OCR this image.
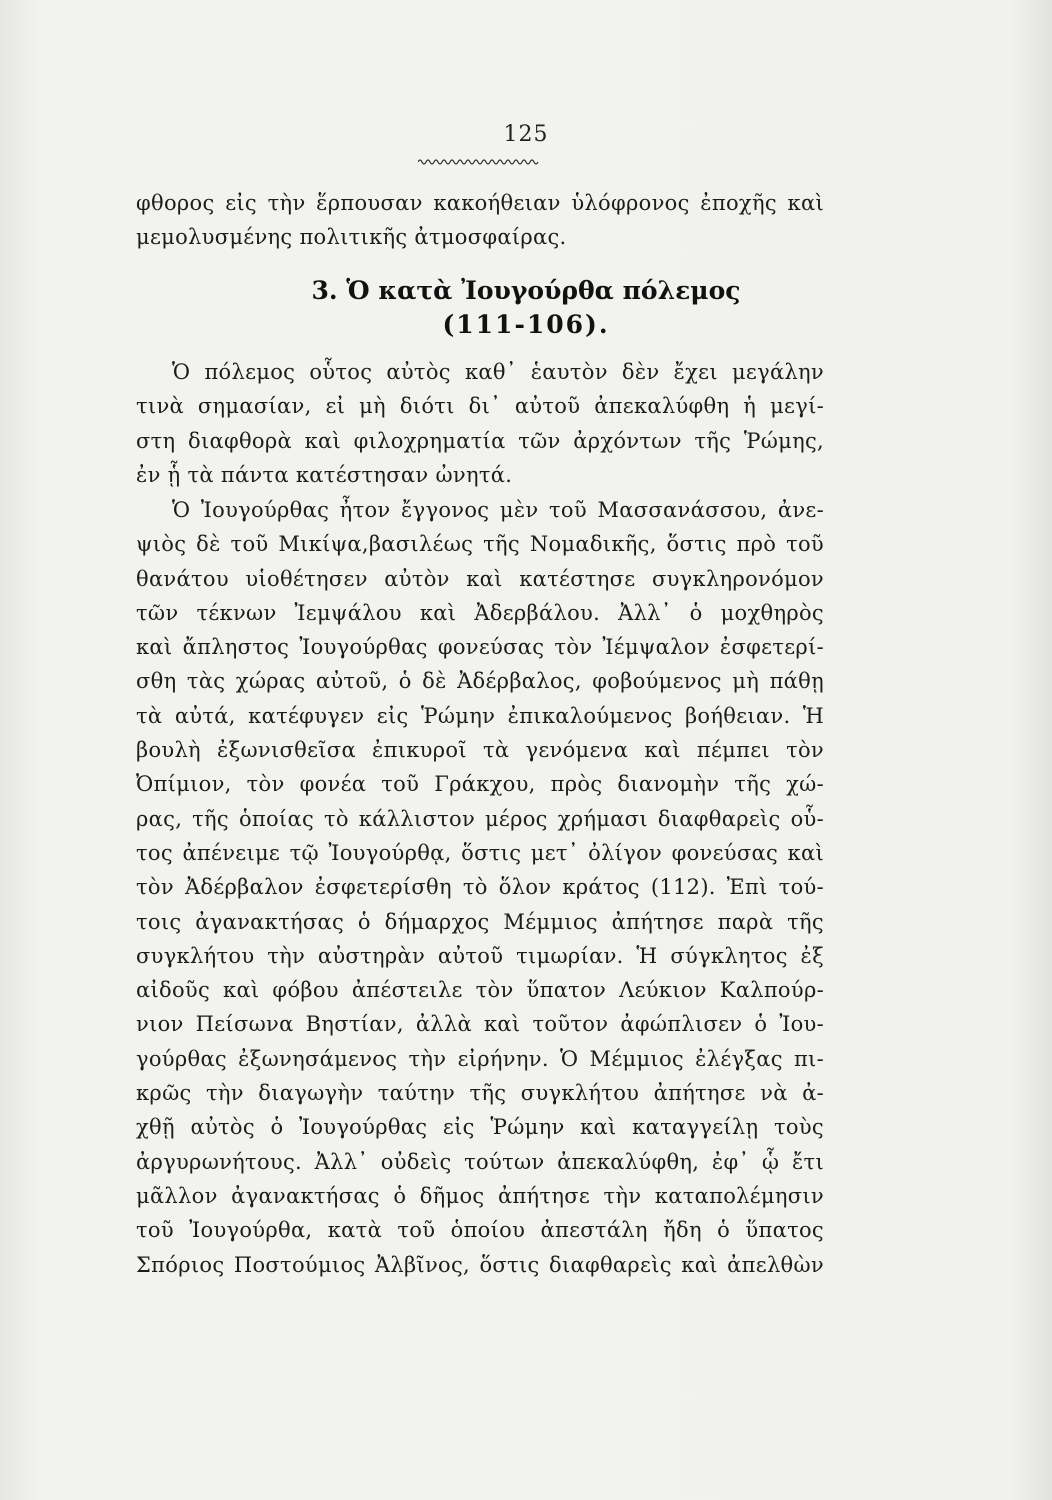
125
φθορος εἰς τὴν ἕρπουσαν κακοήθειαν ὑλόφρονος ἐποχῆς καὶ
μεμολυσμένης πολιτικῆς ἀτμοσφαίρας.
3. Ὁ κατὰ Ἰουγούρθα πόλεμος
(111-106).
Ὁ πόλεμος οὗτος αὐτὸς καθ᾽ ἑαυτὸν δὲν ἔχει μεγάλην
τινὰ σημασίαν, εἰ μὴ διότι δι᾽ αὐτοῦ ἀπεκαλύφθη ἡ μεγί-
στη διαφθορὰ καὶ φιλοχρηματία τῶν ἀρχόντων τῆς Ῥώμης,
ἐν ᾗ τὰ πάντα κατέστησαν ὠνητά.
Ὁ Ἰουγούρθας ἦτον ἔγγονος μὲν τοῦ Μασσανάσσου, ἀνε-
ψιὸς δὲ τοῦ Μικίψα,βασιλέως τῆς Νομαδικῆς, ὅστις πρὸ τοῦ
θανάτου υἱοθέτησεν αὐτὸν καὶ κατέστησε συγκληρονόμον
τῶν τέκνων Ἰεμψάλου καὶ Ἀδερβάλου. Ἀλλ᾽ ὁ μοχθηρὸς
καὶ ἄπληστος Ἰουγούρθας φονεύσας τὸν Ἰέμψαλον ἐσφετερί-
σθη τὰς χώρας αὐτοῦ, ὁ δὲ Ἀδέρβαλος, φοβούμενος μὴ πάθῃ
τὰ αὐτά, κατέφυγεν εἰς Ῥώμην ἐπικαλούμενος βοήθειαν. Ἡ
βουλὴ ἐξωνισθεῖσα ἐπικυροῖ τὰ γενόμενα καὶ πέμπει τὸν
Ὀπίμιον, τὸν φονέα τοῦ Γράκχου, πρὸς διανομὴν τῆς χώ-
ρας, τῆς ὁποίας τὸ κάλλιστον μέρος χρήμασι διαφθαρεὶς οὗ-
τος ἀπένειμε τῷ Ἰουγούρθᾳ, ὅστις μετ᾽ ὀλίγον φονεύσας καὶ
τὸν Ἀδέρβαλον ἐσφετερίσθη τὸ ὅλον κράτος (112). Ἐπὶ τού-
τοις ἀγανακτήσας ὁ δήμαρχος Μέμμιος ἀπήτησε παρὰ τῆς
συγκλήτου τὴν αὐστηρὰν αὐτοῦ τιμωρίαν. Ἡ σύγκλητος ἐξ
αἰδοῦς καὶ φόβου ἀπέστειλε τὸν ὕπατον Λεύκιον Καλπούρ-
νιον Πείσωνα Βηστίαν, ἀλλὰ καὶ τοῦτον ἀφώπλισεν ὁ Ἰου-
γούρθας ἐξωνησάμενος τὴν εἰρήνην. Ὁ Μέμμιος ἐλέγξας πι-
κρῶς τὴν διαγωγὴν ταύτην τῆς συγκλήτου ἀπήτησε νὰ ἀ-
χθῇ αὐτὸς ὁ Ἰουγούρθας εἰς Ῥώμην καὶ καταγγείλῃ τοὺς
ἀργυρωνήτους. Ἀλλ᾽ οὐδεὶς τούτων ἀπεκαλύφθη, ἐφ᾽ ᾧ ἔτι
μᾶλλον ἀγανακτήσας ὁ δῆμος ἀπήτησε τὴν καταπολέμησιν
τοῦ Ἰουγούρθα, κατὰ τοῦ ὁποίου ἀπεστάλη ἤδη ὁ ὕπατος
Σπόριος Ποστούμιος Ἀλβῖνος, ὅστις διαφθαρεὶς καὶ ἀπελθὼν
